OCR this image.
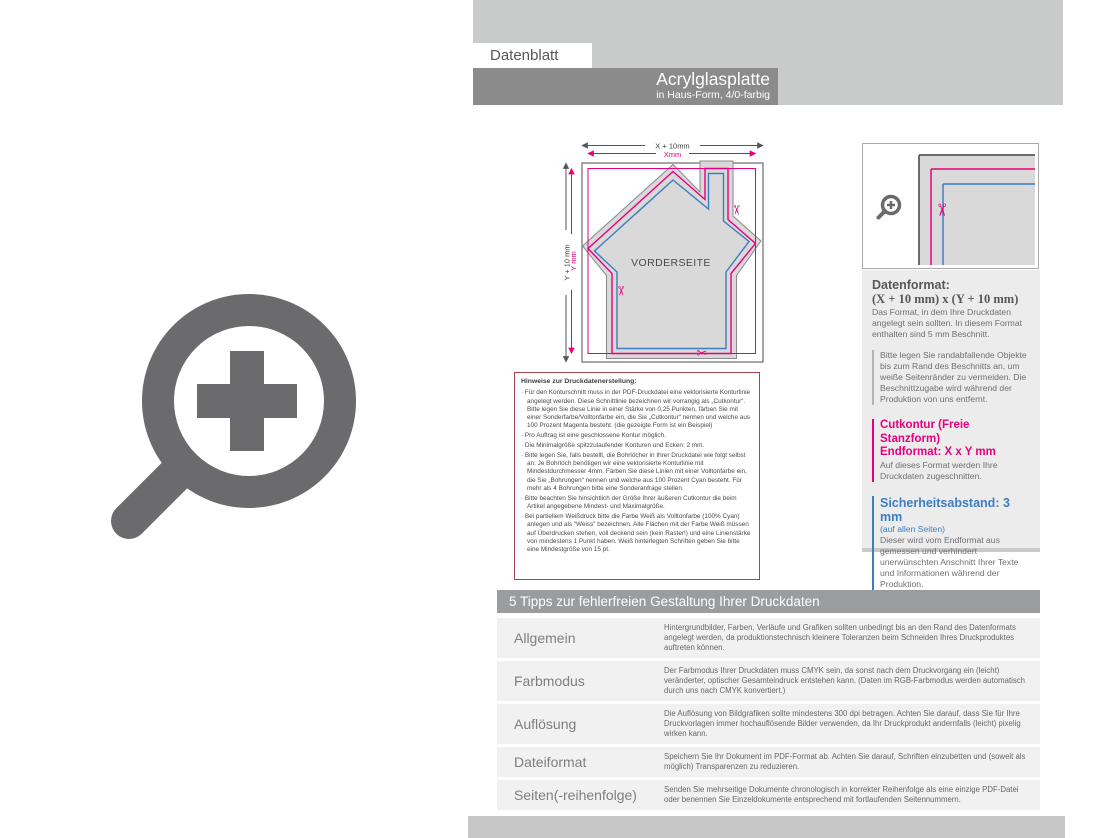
Datenblatt
Acrylglasplatte
in Haus-Form, 4/0-farbig
X + 10mm
Xmm
Y + 10 mm
Y mm
✂
✂
✂
VORDERSEITE
Hinweise zur Druckdatenerstellung:
· Für den Konturschnitt muss in der PDF-Druckdatei eine vektorisierte Konturlinie angelegt werden. Diese Schnittlinie bezeichnen wir vorrangig als „Cutkontur“. Bitte legen Sie diese Linie in einer Stärke von 0,25 Punkten, färben Sie mit einer Sonderfarbe/Volltonfarbe ein, die Sie „Cutkontur“ nennen und welche aus 100 Prozent Magenta besteht. (die gezeigte Form ist ein Beispiel)
· Pro Auftrag ist eine geschlossene Kontur möglich.
· Die Minimalgröße spitzzulaufender Konturen und Ecken: 2 mm.
· Bitte legen Sie, falls bestellt, die Bohrlöcher in Ihrer Druckdatei wie folgt selbst an: Je Bohrloch benötigen wir eine vektorisierte Konturlinie mit Mindestdurchmesser 4mm. Färben Sie diese Linien mit einer Volltonfarbe ein, die Sie „Bohrungen“ nennen und welche aus 100 Prozent Cyan besteht. Für mehr als 4 Bohrungen bitte eine Sonderanfrage stellen.
· Bitte beachten Sie hinsichtlich der Größe Ihrer äußeren Cutkontur die beim Artikel angegebene Mindest- und Maximalgröße.
· Bei partiellem Weißdruck bitte die Farbe Weiß als Volltonfarbe (100% Cyan) anlegen und als “Weiss” bezeichnen. Alle Flächen mit der Farbe Weiß müssen auf Überdrucken stehen, voll deckend sein (kein Raster!) und eine Linienstärke von mindestens 1 Punkt haben. Weiß hinterlegten Schriften geben Sie bitte eine Mindestgröße von 15 pt.
✂
Datenformat:
(X + 10 mm) x (Y + 10 mm)
Das Format, in dem Ihre Druckdaten angelegt sein sollten. In diesem Format enthalten sind 5 mm Beschnitt.
Bitte legen Sie randabfallende Objekte bis zum Rand des Beschnitts an, um weiße Seitenränder zu vermeiden. Die Beschnittzugabe wird während der Produktion von uns entfernt.
Cutkontur (Freie Stanzform)
Endformat: X x Y mm
Auf dieses Format werden Ihre Druckdaten zugeschnitten.
Sicherheitsabstand: 3 mm
(auf allen Seiten)
Dieser wird vom Endformat aus gemessen und verhindert unerwünschten Anschnitt Ihrer Texte und Informationen während der Produktion.
5 Tipps zur fehlerfreien Gestaltung Ihrer Druckdaten
Allgemein
Hintergrundbilder, Farben, Verläufe und Grafiken sollten unbedingt bis an den Rand des Datenformats angelegt werden, da produktionstechnisch kleinere Toleranzen beim Schneiden Ihres Druckproduktes auftreten können.
Farbmodus
Der Farbmodus Ihrer Druckdaten muss CMYK sein, da sonst nach dem Druckvorgang ein (leicht) veränderter, optischer Gesamteindruck entstehen kann. (Daten im RGB-Farbmodus werden automatisch durch uns nach CMYK konvertiert.)
Auflösung
Die Auflösung von Bildgrafiken sollte mindestens 300 dpi betragen. Achten Sie darauf, dass Sie für Ihre Druckvorlagen immer hochauflösende Bilder verwenden, da Ihr Druckprodukt andernfalls (leicht) pixelig wirken kann.
Dateiformat	Speichern Sie Ihr Dokument im PDF-Format ab. Achten Sie darauf, Schriften einzubetten und (soweit als möglich) Transparenzen zu reduzieren.
Seiten(-reihenfolge)	Senden Sie mehrseitige Dokumente chronologisch in korrekter Reihenfolge als eine einzige PDF-Datei oder benennen Sie Einzeldokumente entsprechend mit fortlaufenden Seitennummern.
